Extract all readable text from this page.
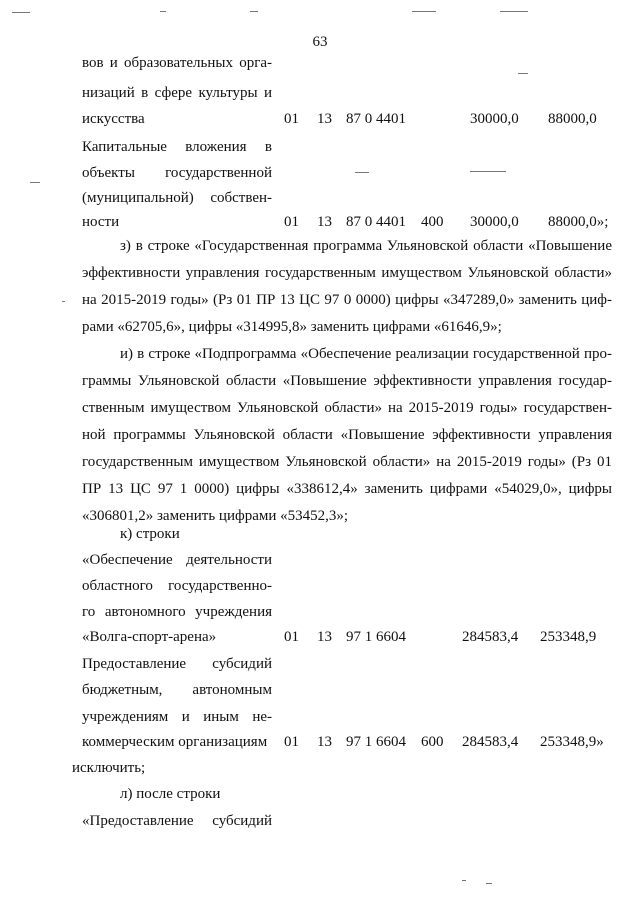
63
вов и образовательных орга-
низаций в сфере культуры и
искусства	01 13 87 0 4401	30000,0 88000,0
Капитальные вложения в
объекты государственной
(муниципальной) собствен-
ности	01 13 87 0 4401 400 30000,0 88000,0»;
з) в строке «Государственная программа Ульяновской области «Повышение
эффективности управления государственным имуществом Ульяновской области»
на 2015-2019 годы» (Рз 01 ПР 13 ЦС 97 0 0000) цифры «347289,0» заменить циф-
рами «62705,6», цифры «314995,8» заменить цифрами «61646,9»;
и) в строке «Подпрограмма «Обеспечение реализации государственной про-
граммы Ульяновской области «Повышение эффективности управления государ-
ственным имуществом Ульяновской области» на 2015-2019 годы» государствен-
ной программы Ульяновской области «Повышение эффективности управления
государственным имуществом Ульяновской области» на 2015-2019 годы» (Рз 01
ПР 13 ЦС 97 1 0000) цифры «338612,4» заменить цифрами «54029,0», цифры
«306801,2» заменить цифрами «53452,3»;
к) строки
«Обеспечение деятельности
областного государственно-
го автономного учреждения
«Волга-спорт-арена»	01 13 97 1 6604	284583,4 253348,9
Предоставление субсидий
бюджетным, автономным
учреждениям и иным не-
коммерческим организациям	01 13 97 1 6604 600 284583,4 253348,9»
исключить;
л) после строки
«Предоставление субсидий
